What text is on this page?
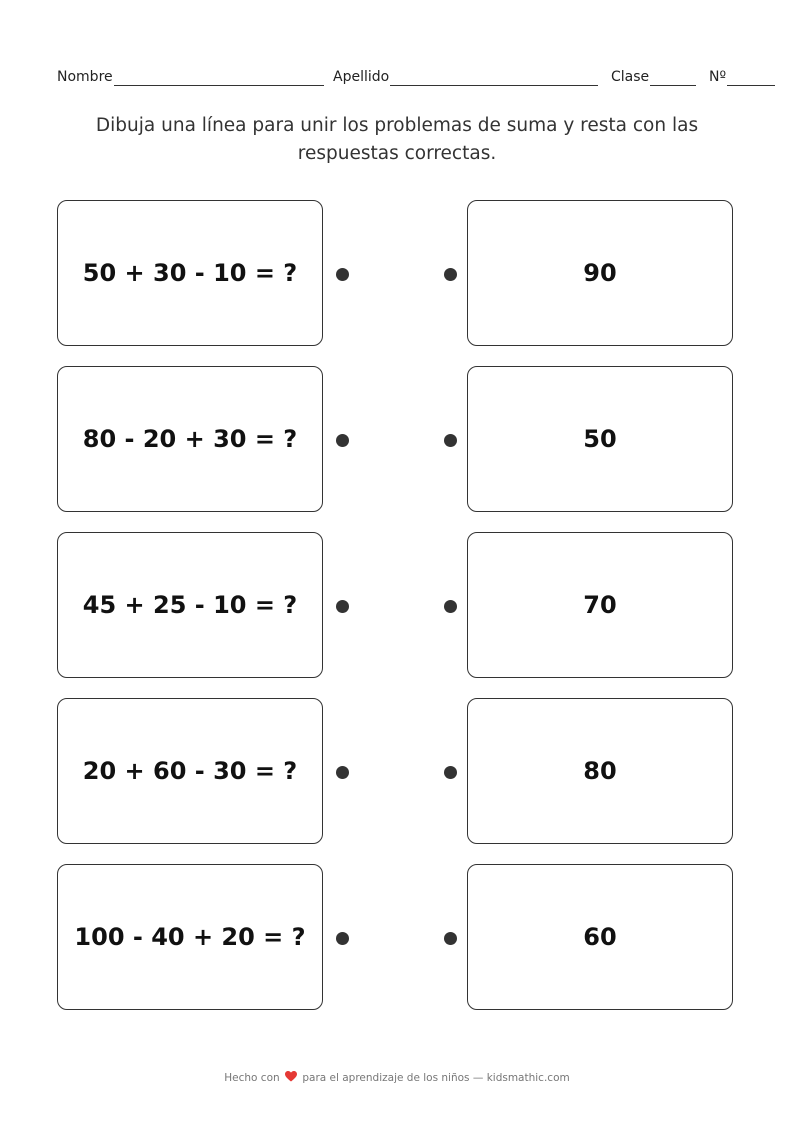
Nombre	Apellido	Clase	Nº
Dibuja una línea para unir los problemas de suma y resta con las respuestas correctas.
50 + 30 - 10 = ?	90
80 - 20 + 30 = ?	50
45 + 25 - 10 = ?	70
20 + 60 - 30 = ?	80
100 - 40 + 20 = ?	60
Hecho con para el aprendizaje de los niños — kidsmathic.com
